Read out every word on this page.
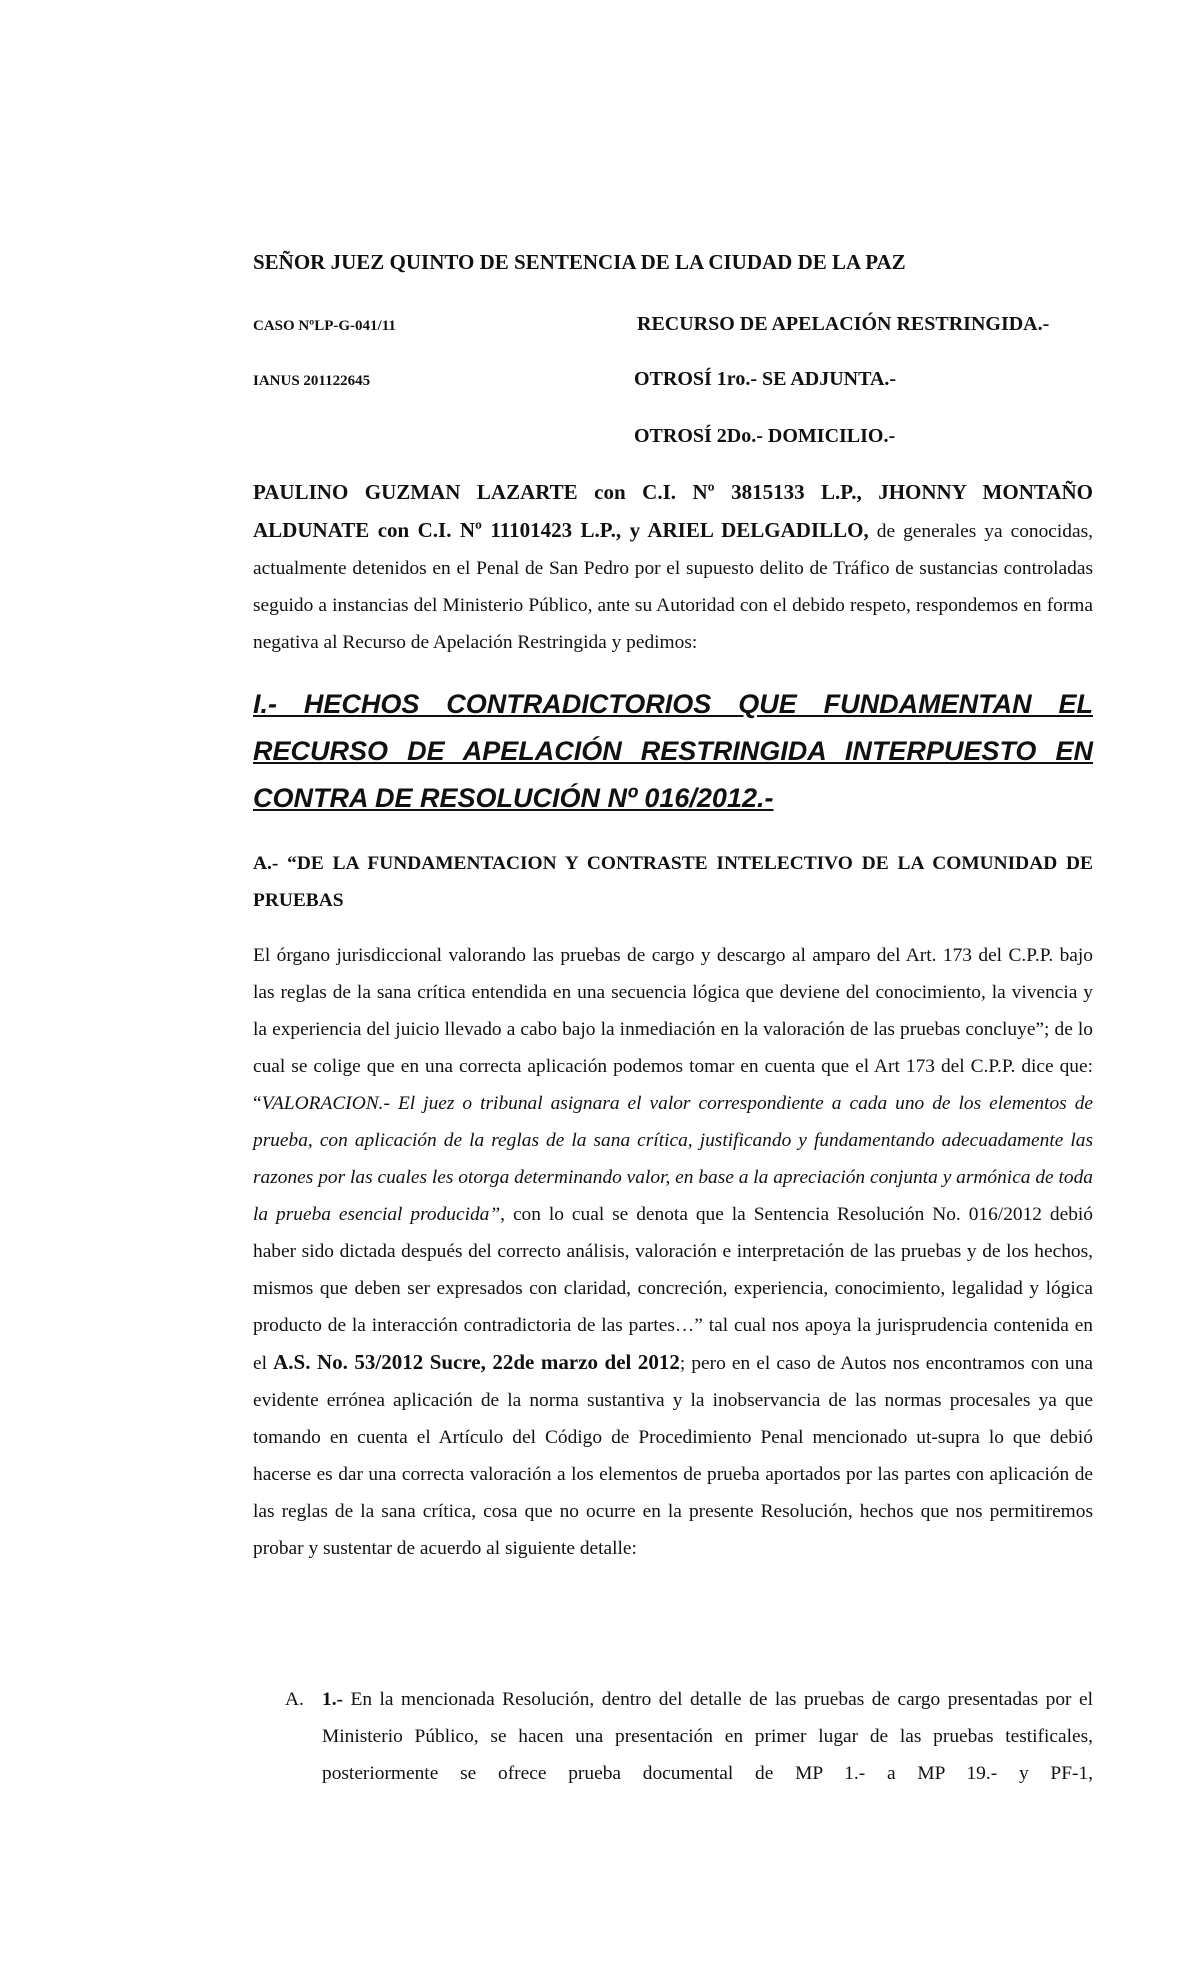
SEÑOR JUEZ QUINTO DE SENTENCIA DE LA CIUDAD DE LA PAZ

CASO NºLP-G-041/11	RECURSO DE APELACIÓN RESTRINGIDA.-

IANUS 201122645	OTROSÍ 1ro.- SE ADJUNTA.-

OTROSÍ 2Do.- DOMICILIO.-

PAULINO GUZMAN LAZARTE con C.I. Nº 3815133 L.P., JHONNY MONTAÑO ALDUNATE con C.I. Nº 11101423 L.P., y ARIEL DELGADILLO, de generales ya conocidas, actualmente detenidos en el Penal de San Pedro por el supuesto delito de Tráfico de sustancias controladas seguido a instancias del Ministerio Público, ante su Autoridad con el debido respeto, respondemos en forma negativa al Recurso de Apelación Restringida y pedimos:

I.- HECHOS CONTRADICTORIOS QUE FUNDAMENTAN EL RECURSO DE APELACIÓN RESTRINGIDA INTERPUESTO EN CONTRA DE RESOLUCIÓN Nº 016/2012.-

A.- “DE LA FUNDAMENTACION Y CONTRASTE INTELECTIVO DE LA COMUNIDAD DE PRUEBAS

El órgano jurisdiccional valorando las pruebas de cargo y descargo al amparo del Art. 173 del C.P.P. bajo las reglas de la sana crítica entendida en una secuencia lógica que deviene del conocimiento, la vivencia y la experiencia del juicio llevado a cabo bajo la inmediación en la valoración de las pruebas concluye”; de lo cual se colige que en una correcta aplicación podemos tomar en cuenta que el Art 173 del C.P.P. dice que: “VALORACION.- El juez o tribunal asignara el valor correspondiente a cada uno de los elementos de prueba, con aplicación de la reglas de la sana crítica, justificando y fundamentando adecuadamente las razones por las cuales les otorga determinando valor, en base a la apreciación conjunta y armónica de toda la prueba esencial producida”, con lo cual se denota que la Sentencia Resolución No. 016/2012 debió haber sido dictada después del correcto análisis, valoración e interpretación de las pruebas y de los hechos, mismos que deben ser expresados con claridad, concreción, experiencia, conocimiento, legalidad y lógica producto de la interacción contradictoria de las partes…” tal cual nos apoya la jurisprudencia contenida en el A.S. No. 53/2012 Sucre, 22de marzo del 2012; pero en el caso de Autos nos encontramos con una evidente errónea aplicación de la norma sustantiva y la inobservancia de las normas procesales ya que tomando en cuenta el Artículo del Código de Procedimiento Penal mencionado ut-supra lo que debió hacerse es dar una correcta valoración a los elementos de prueba aportados por las partes con aplicación de las reglas de la sana crítica, cosa que no ocurre en la presente Resolución, hechos que nos permitiremos probar y sustentar de acuerdo al siguiente detalle:

A. 1.- En la mencionada Resolución, dentro del detalle de las pruebas de cargo presentadas por el Ministerio Público, se hacen una presentación en primer lugar de las pruebas testificales, posteriormente se ofrece prueba documental de MP 1.- a MP 19.- y PF-1,
